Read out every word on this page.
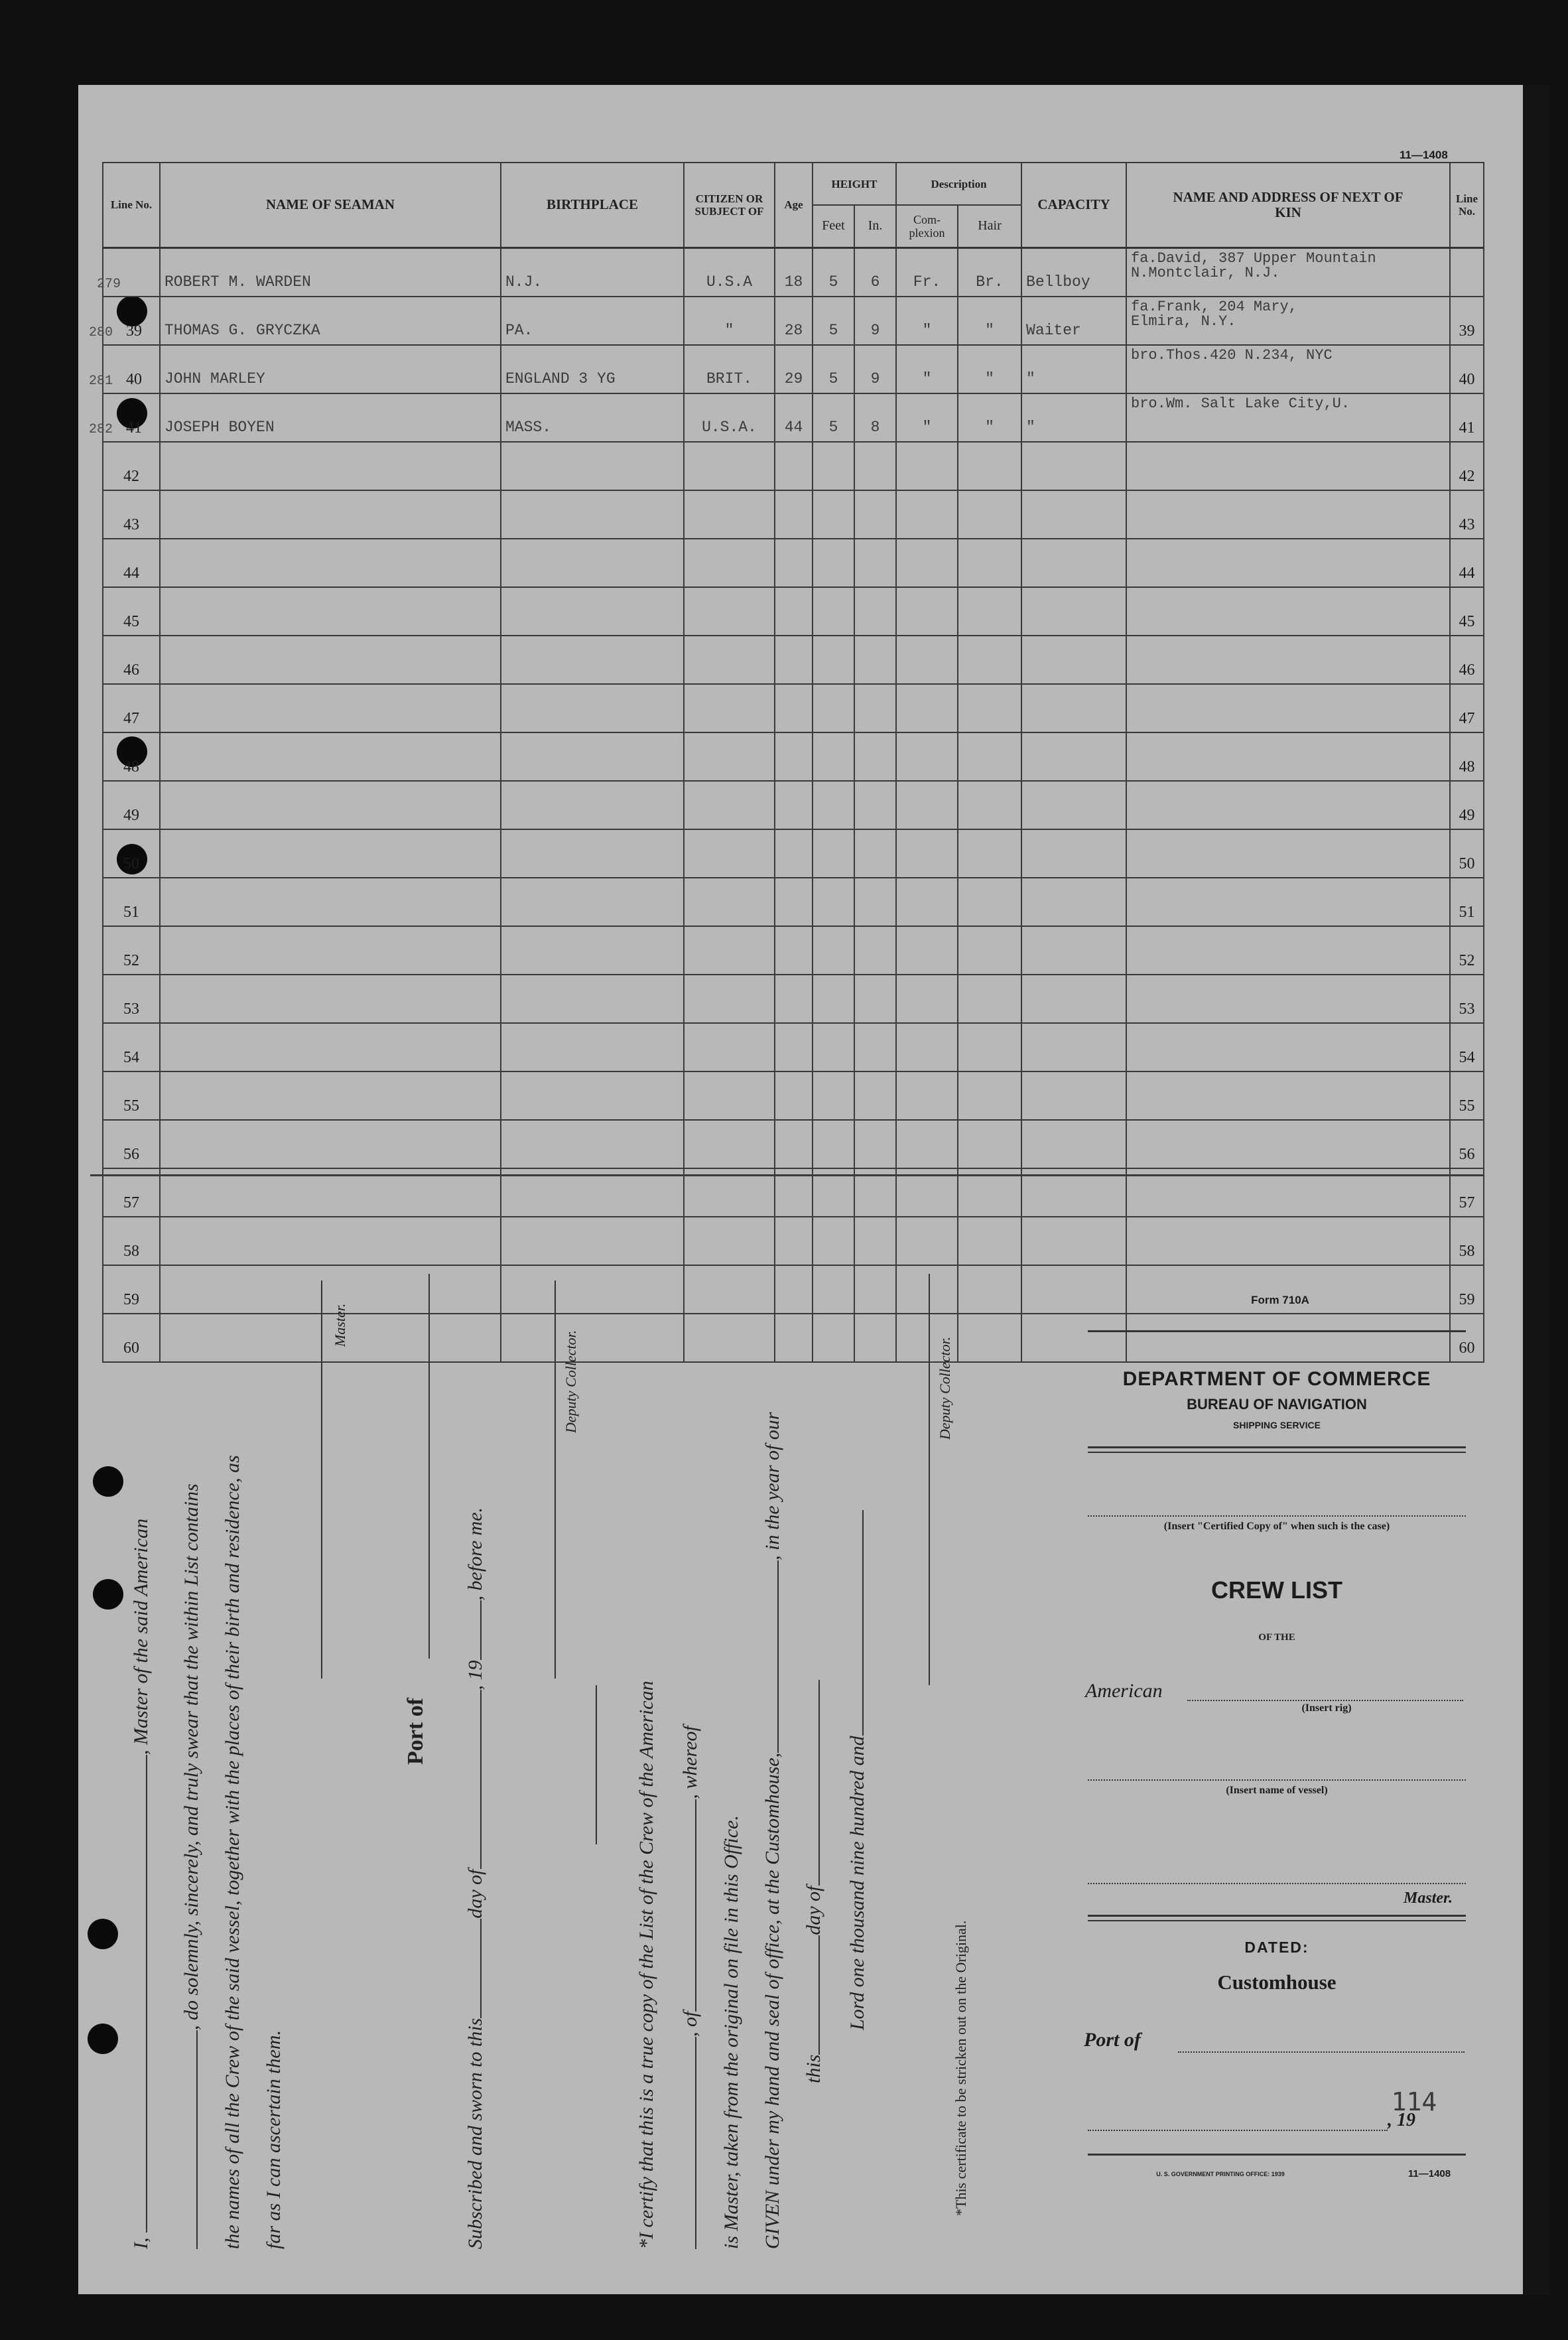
11—1408
Line No.	NAME OF SEAMAN	BIRTHPLACE	CITIZEN OR SUBJECT OF	Age	HEIGHT		Description		CAPACITY	NAME AND ADDRESS OF NEXT OF KIN	Line No.
					Feet	In.	Com-plexion	Hair			
279	ROBERT M. WARDEN	N.J.	U.S.A	18	5	6	Fr.	Br.	Bellboy	fa.David, 387 Upper Mountain
N.Montclair, N.J.	

280 39	THOMAS G. GRYCZKA	PA.	"	28	5	9	"	"	Waiter	fa.Frank, 204 Mary,
Elmira, N.Y.	39
281 40	JOHN MARLEY	ENGLAND 3 YG	BRIT.	29	5	9	"	"	"	bro.Thos.420 N.234, NYC	40
282 41	JOSEPH BOYEN	MASS.	U.S.A.	44	5	8	"	"	"	bro.Wm. Salt Lake City,U.	41
42											42
43											43
44											44
45											45
46											46
47											47
48											48
49											49
50											50
51											51
52											52
53											53
54											54
55											55
56											56
57											57
58											58
59											59
60											60
I, , Master of the said American , do solemnly, sincerely, and truly swear that the within List contains the names of all the Crew of the said vessel, together with the places of their birth and residence, as far as I can ascertain them.
Master.
Port of
Subscribed and sworn to thisday of, 19, before me.
Deputy Collector.
*I certify that this is a true copy of the List of the Crew of the American , of, whereof
is Master, taken from the original on file in this Office. GIVEN under my hand and seal of office, at the Customhouse,, in the year of our
thisday of Lord one thousand nine hundred and
Deputy Collector.
*This certificate to be stricken out on the Original.
Form 710A
DEPARTMENT OF COMMERCE
BUREAU OF NAVIGATION
SHIPPING SERVICE
(Insert "Certified Copy of" when such is the case)
CREW LIST
OF THE
American
(Insert rig)
(Insert name of vessel)
Master.
DATED:
Customhouse
Port of
114
, 19
U. S. GOVERNMENT PRINTING OFFICE: 1939	11—1408
